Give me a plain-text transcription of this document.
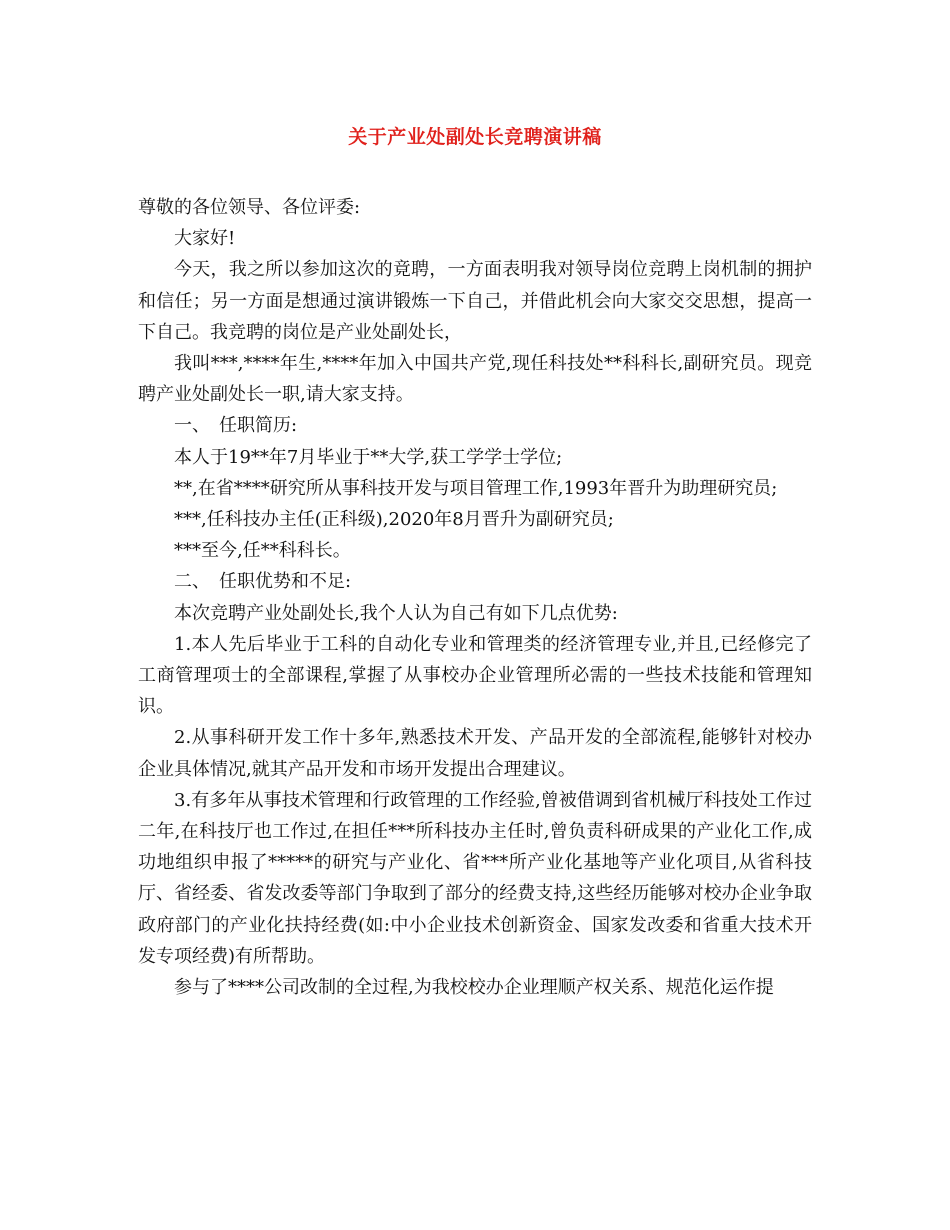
关于产业处副处长竞聘演讲稿

尊敬的各位领导、各位评委:

大家好!

今天，我之所以参加这次的竟聘，一方面表明我对领导岗位竞聘上岗机制的拥护和信任；另一方面是想通过演讲锻炼一下自己，并借此机会向大家交交思想，提高一下自己。我竞聘的岗位是产业处副处长，

我叫***,****年生,****年加入中国共产党,现任科技处**科科长,副研究员。现竞聘产业处副处长一职,请大家支持。

一、　任职简历:

本人于19**年7月毕业于**大学,获工学学士学位;

**,在省****研究所从事科技开发与项目管理工作,1993年晋升为助理研究员;

***,任科技办主任(正科级),2020年8月晋升为副研究员;

***至今,任**科科长。

二、　任职优势和不足:

本次竞聘产业处副处长,我个人认为自己有如下几点优势:

1.本人先后毕业于工科的自动化专业和管理类的经济管理专业,并且,已经修完了工商管理项士的全部课程,掌握了从事校办企业管理所必需的一些技术技能和管理知识。

2.从事科研开发工作十多年,熟悉技术开发、产品开发的全部流程,能够针对校办企业具体情况,就其产品开发和市场开发提出合理建议。

3.有多年从事技术管理和行政管理的工作经验,曾被借调到省机械厅科技处工作过二年,在科技厅也工作过,在担任***所科技办主任时,曾负责科研成果的产业化工作,成功地组织申报了*****的研究与产业化、省***所产业化基地等产业化项目,从省科技厅、省经委、省发改委等部门争取到了部分的经费支持,这些经历能够对校办企业争取政府部门的产业化扶持经费(如:中小企业技术创新资金、国家发改委和省重大技术开发专项经费)有所帮助。

参与了****公司改制的全过程,为我校校办企业理顺产权关系、规范化运作提
